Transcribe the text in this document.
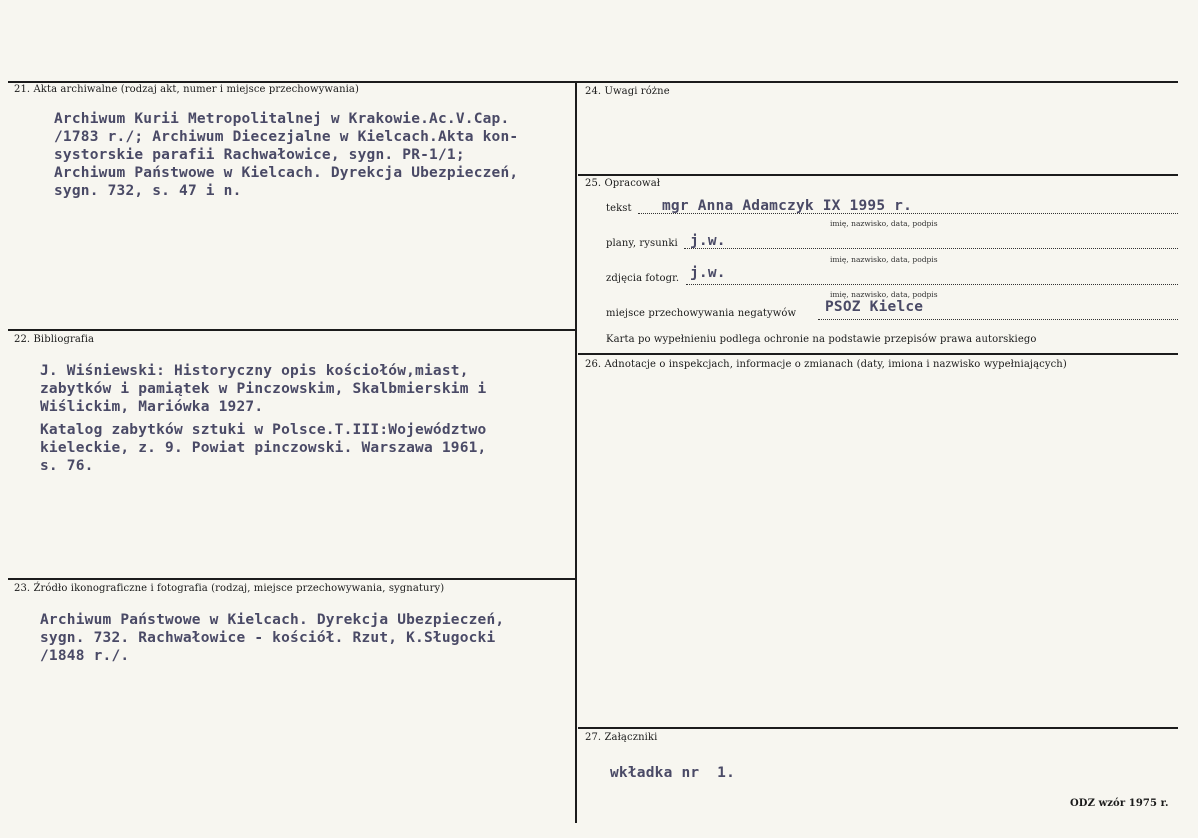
21. Akta archiwalne (rodzaj akt, numer i miejsce przechowywania)
Archiwum Kurii Metropolitalnej w Krakowie.Ac.V.Cap.
/1783 r./; Archiwum Diecezjalne w Kielcach.Akta kon-
systorskie parafii Rachwałowice, sygn. PR-1/1;
Archiwum Państwowe w Kielcach. Dyrekcja Ubezpieczeń,
sygn. 732, s. 47 i n.
22. Bibliografia
J. Wiśniewski: Historyczny opis kościołów,miast,
zabytków i pamiątek w Pinczowskim, Skalbmierskim i
Wiślickim, Mariówka 1927.
Katalog zabytków sztuki w Polsce.T.III:Województwo
kieleckie, z. 9. Powiat pinczowski. Warszawa 1961,
s. 76.
23. Źródło ikonograficzne i fotografia (rodzaj, miejsce przechowywania, sygnatury)
Archiwum Państwowe w Kielcach. Dyrekcja Ubezpieczeń,
sygn. 732. Rachwałowice - kościół. Rzut, K.Sługocki
/1848 r./.
24. Uwagi różne
25. Opracował
tekst mgr Anna Adamczyk IX 1995 r.
imię, nazwisko, data, podpis
plany, rysunki j.w.
imię, nazwisko, data, podpis
zdjęcia fotogr. j.w.
imię, nazwisko, data, podpis
miejsce przechowywania negatywów PSOZ Kielce
Karta po wypełnieniu podlega ochronie na podstawie przepisów prawa autorskiego
26. Adnotacje o inspekcjach, informacje o zmianach (daty, imiona i nazwisko wypełniających)
27. Załączniki
wkładka nr  1.
ODZ wzór 1975 r.
